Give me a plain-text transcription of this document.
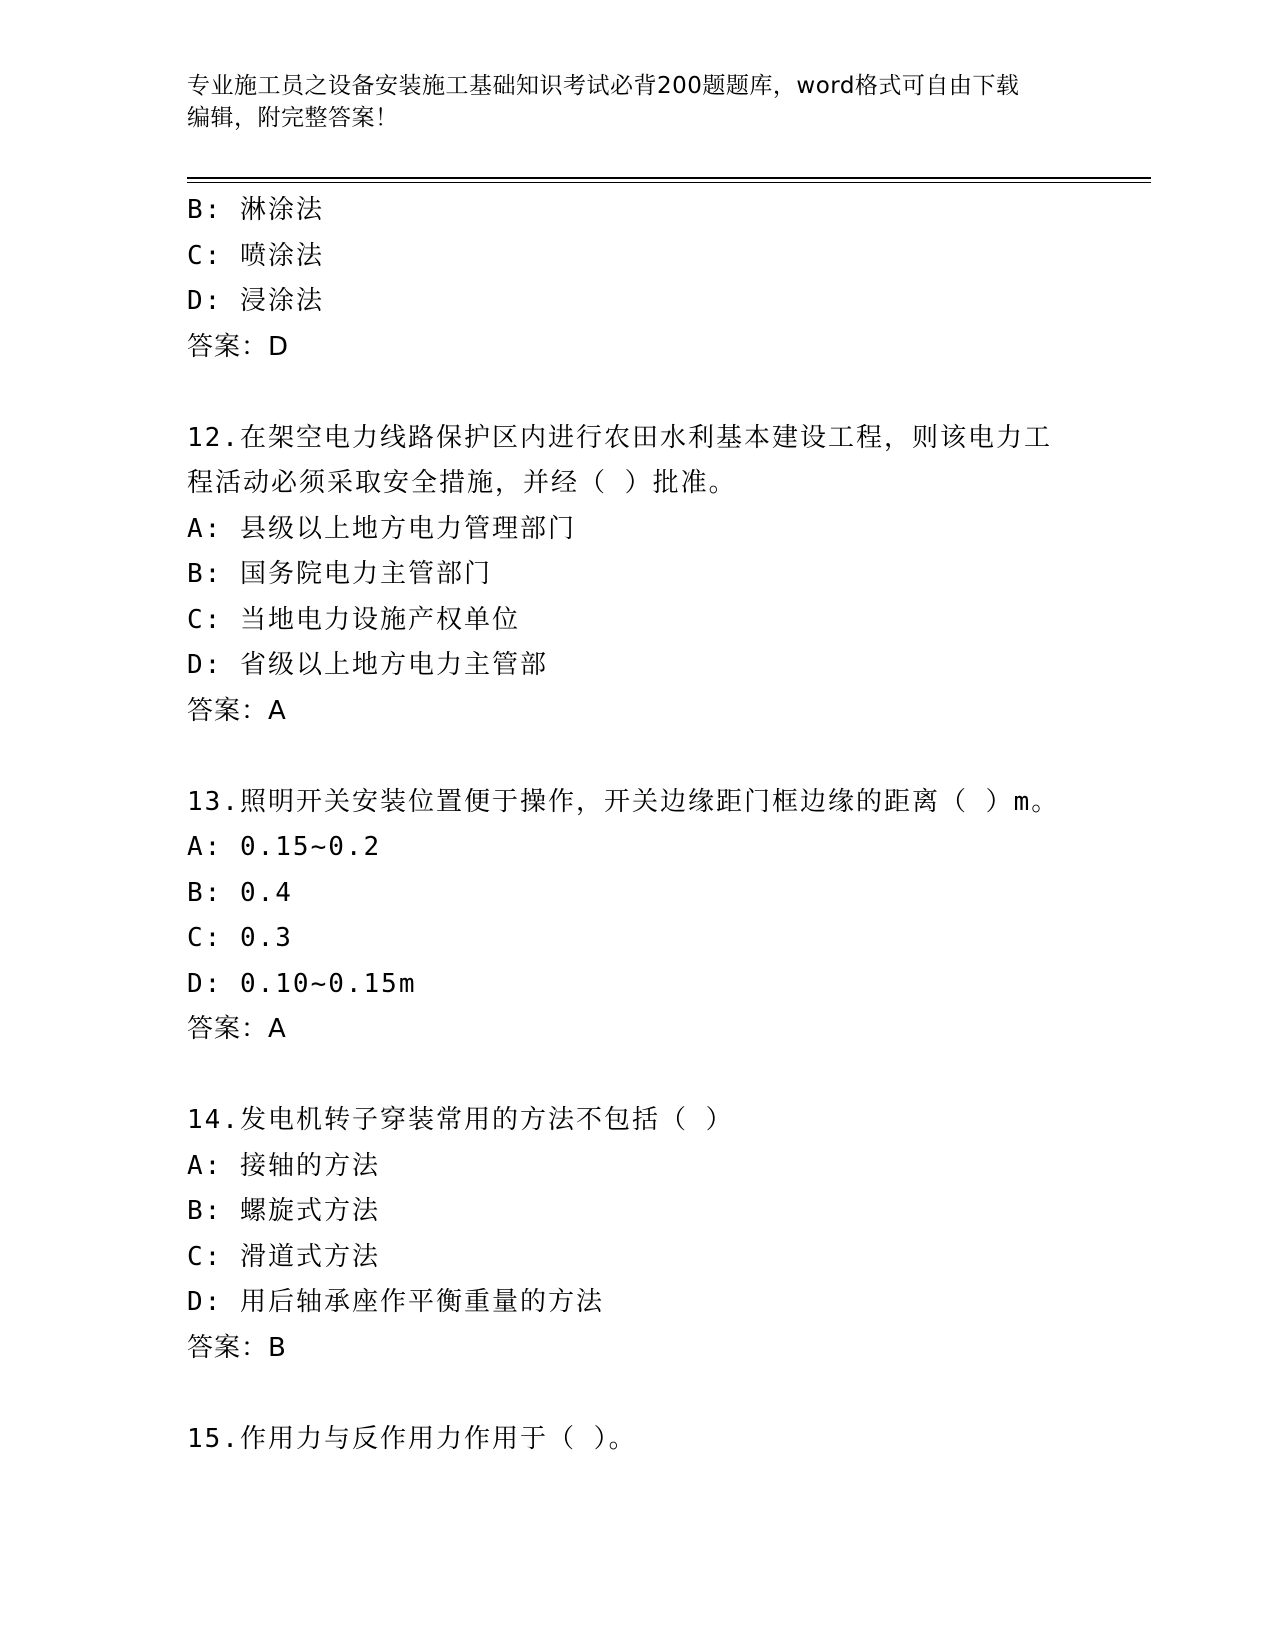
专业施工员之设备安装施工基础知识考试必背200题题库，word格式可自由下载
编辑，附完整答案！
B: 淋涂法
C: 喷涂法
D: 浸涂法
答案：D
12.在架空电力线路保护区内进行农田水利基本建设工程，则该电力工
程活动必须采取安全措施，并经（ ）批准。
A: 县级以上地方电力管理部门
B: 国务院电力主管部门
C: 当地电力设施产权单位
D: 省级以上地方电力主管部
答案：A
13.照明开关安装位置便于操作，开关边缘距门框边缘的距离（ ）m。
A: 0.15~0.2
B: 0.4
C: 0.3
D: 0.10~0.15m
答案：A
14.发电机转子穿装常用的方法不包括（ ）
A: 接轴的方法
B: 螺旋式方法
C: 滑道式方法
D: 用后轴承座作平衡重量的方法
答案：B
15.作用力与反作用力作用于（ ）。
